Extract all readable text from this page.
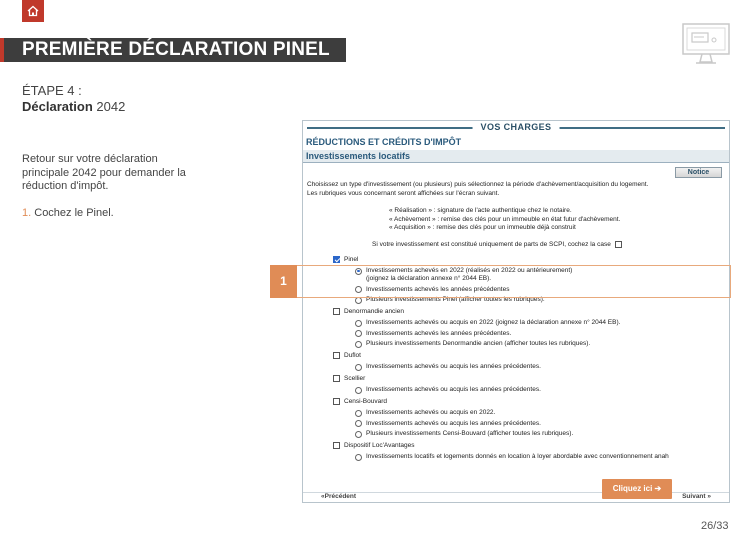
PREMIÈRE DÉCLARATION PINEL
ÉTAPE 4 :
Déclaration 2042
Retour sur votre déclaration principale 2042 pour demander la réduction d'impôt.
1. Cochez le Pinel.
VOS CHARGES
RÉDUCTIONS ET CRÉDITS D'IMPÔT
Investissements locatifs
Notice
Choisissez un type d'investissement (ou plusieurs) puis sélectionnez la période d'achèvement/acquisition du logement.
Les rubriques vous concernant seront affichées sur l'écran suivant.
« Réalisation » : signature de l'acte authentique chez le notaire.
« Achèvement » : remise des clés pour un immeuble en état futur d'achèvement.
« Acquisition » : remise des clés pour un immeuble déjà construit
Si votre investissement est constitué uniquement de parts de SCPI, cochez la case
Pinel
Investissements achevés en 2022 (réalisés en 2022 ou antérieurement)
(joignez la déclaration annexe n° 2044 EB).
Investissements achevés les années précédentes
Plusieurs investissements Pinel (afficher toutes les rubriques).
Denormandie ancien
Investissements achevés ou acquis en 2022 (joignez la déclaration annexe n° 2044 EB).
Investissements achevés les années précédentes.
Plusieurs investissements Denormandie ancien (afficher toutes les rubriques).
Duflot
Investissements achevés ou acquis les années précédentes.
Scellier
Investissements achevés ou acquis les années précédentes.
Censi-Bouvard
Investissements achevés ou acquis en 2022.
Investissements achevés ou acquis les années précédentes.
Plusieurs investissements Censi-Bouvard (afficher toutes les rubriques).
Dispositif Loc'Avantages
Investissements locatifs et logements donnés en location à loyer abordable avec conventionnement anah
«Précédent	Suivant »
1
Cliquez ici ➔
26/33
